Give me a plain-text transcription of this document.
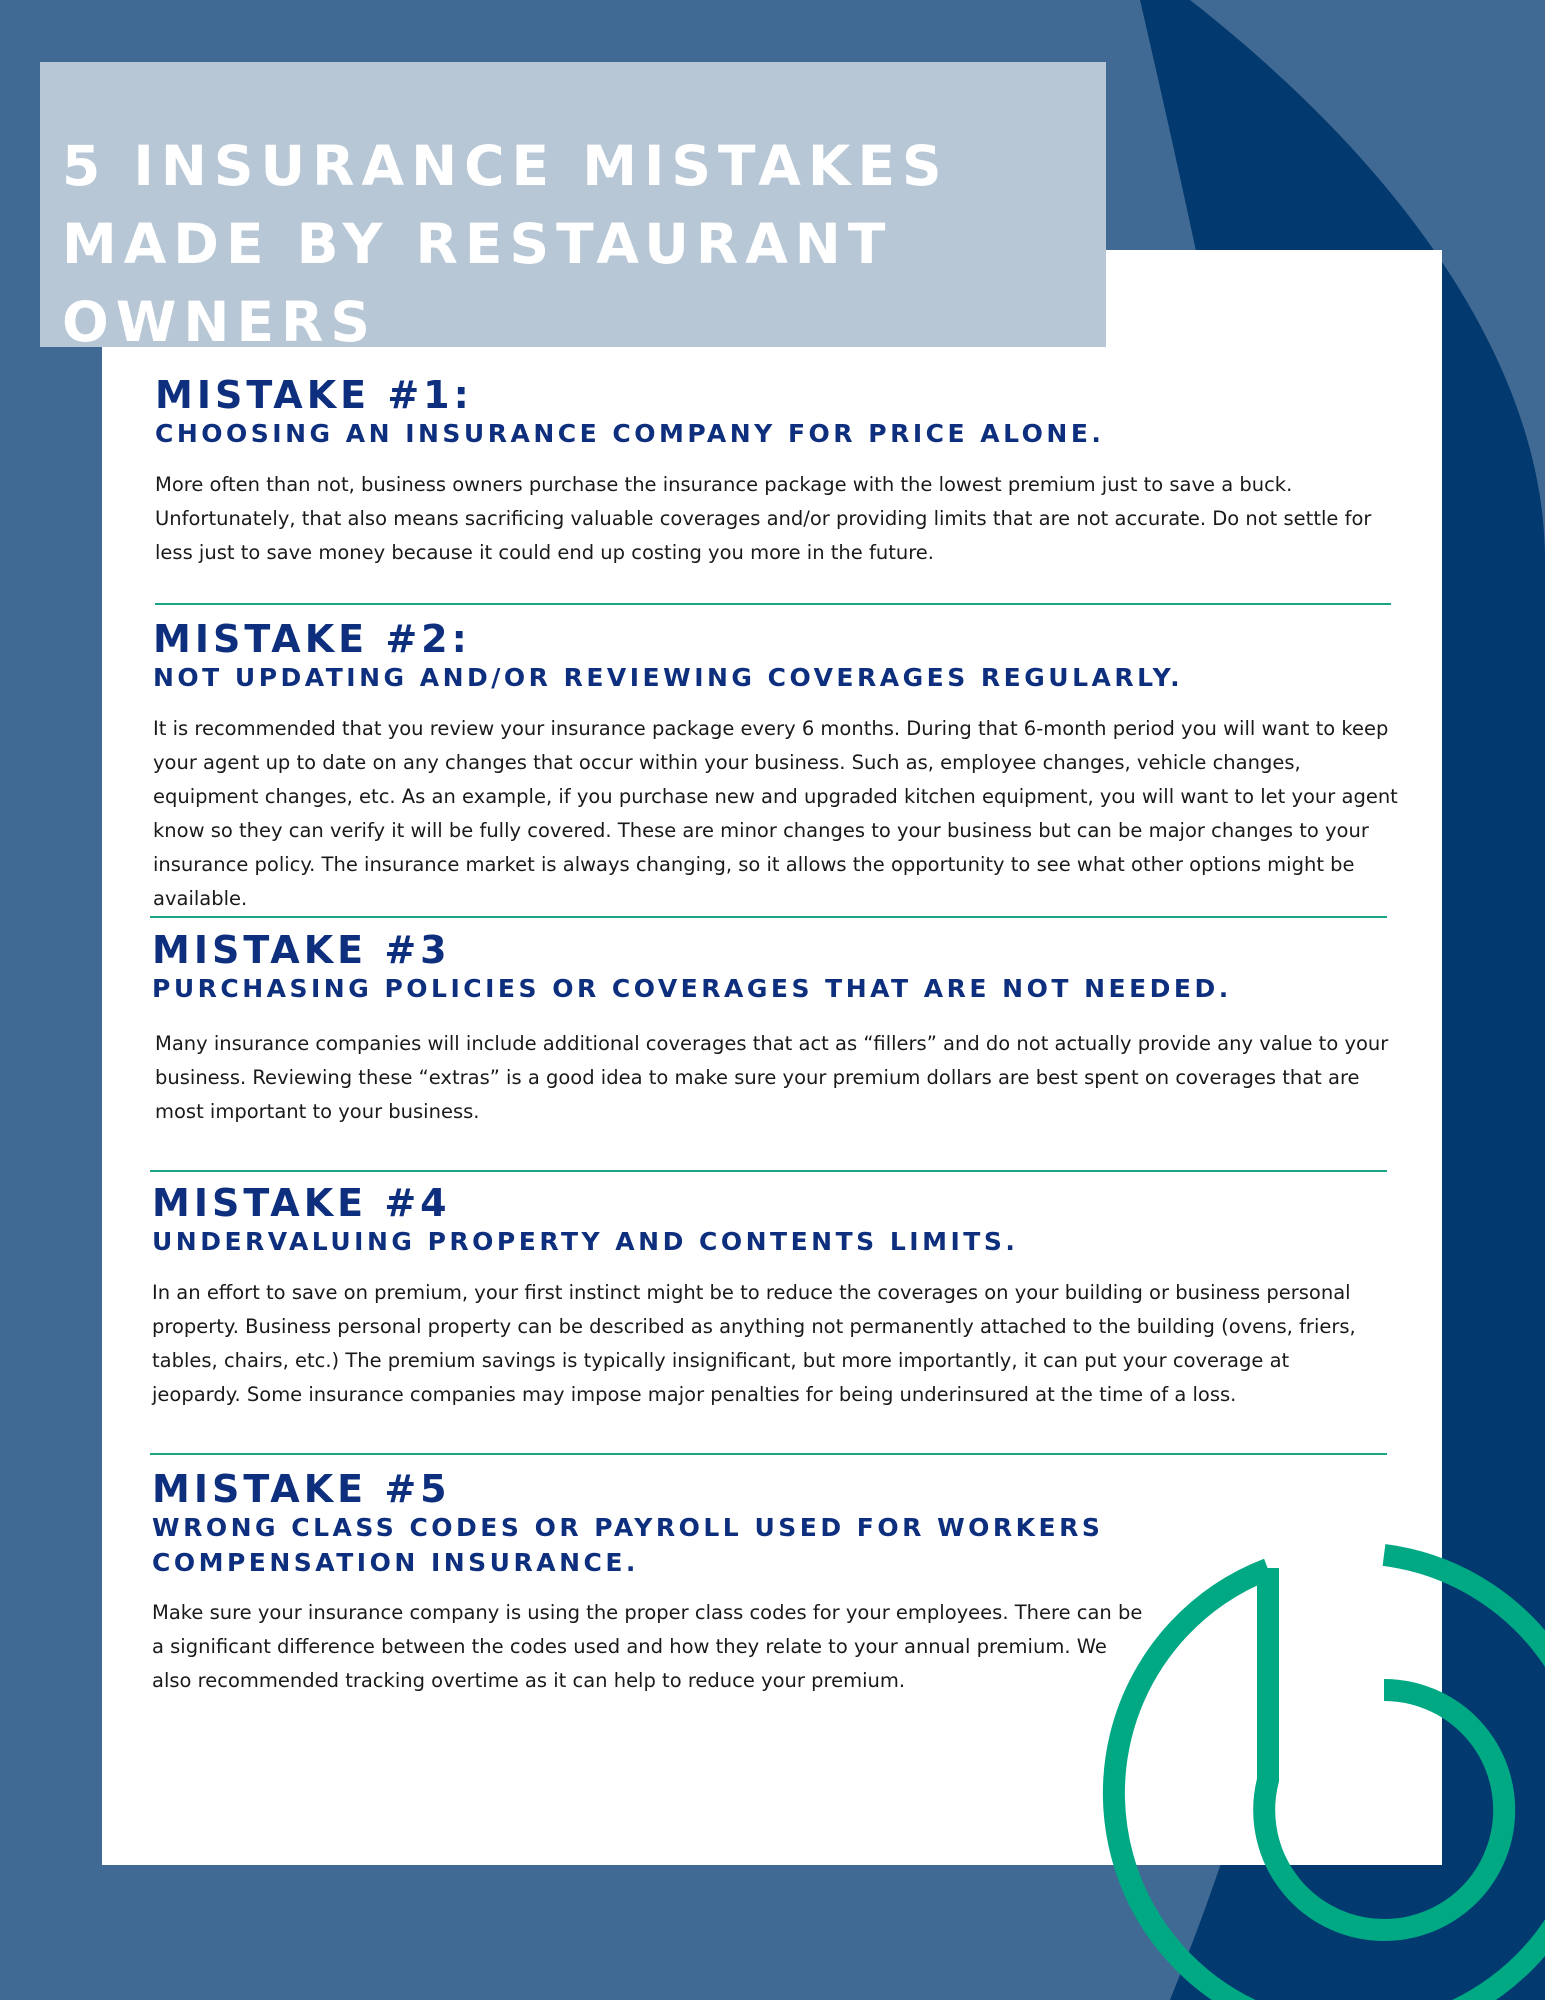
5 INSURANCE MISTAKES MADE BY RESTAURANT OWNERS
MISTAKE #1:
CHOOSING AN INSURANCE COMPANY FOR PRICE ALONE.

More often than not, business owners purchase the insurance package with the lowest premium just to save a buck. Unfortunately, that also means sacrificing valuable coverages and/or providing limits that are not accurate. Do not settle for less just to save money because it could end up costing you more in the future.

MISTAKE #2:
NOT UPDATING AND/OR REVIEWING COVERAGES REGULARLY.

It is recommended that you review your insurance package every 6 months. During that 6-month period you will want to keep your agent up to date on any changes that occur within your business. Such as, employee changes, vehicle changes, equipment changes, etc. As an example, if you purchase new and upgraded kitchen equipment, you will want to let your agent know so they can verify it will be fully covered. These are minor changes to your business but can be major changes to your insurance policy. The insurance market is always changing, so it allows the opportunity to see what other options might be available.

MISTAKE #3
PURCHASING POLICIES OR COVERAGES THAT ARE NOT NEEDED.

Many insurance companies will include additional coverages that act as “fillers” and do not actually provide any value to your business. Reviewing these “extras” is a good idea to make sure your premium dollars are best spent on coverages that are most important to your business.

MISTAKE #4
UNDERVALUING PROPERTY AND CONTENTS LIMITS.

In an effort to save on premium, your first instinct might be to reduce the coverages on your building or business personal property. Business personal property can be described as anything not permanently attached to the building (ovens, friers, tables, chairs, etc.) The premium savings is typically insignificant, but more importantly, it can put your coverage at jeopardy. Some insurance companies may impose major penalties for being underinsured at the time of a loss.

MISTAKE #5
WRONG CLASS CODES OR PAYROLL USED FOR WORKERS COMPENSATION INSURANCE.

Make sure your insurance company is using the proper class codes for your employees. There can be a significant difference between the codes used and how they relate to your annual premium. We also recommended tracking overtime as it can help to reduce your premium.
